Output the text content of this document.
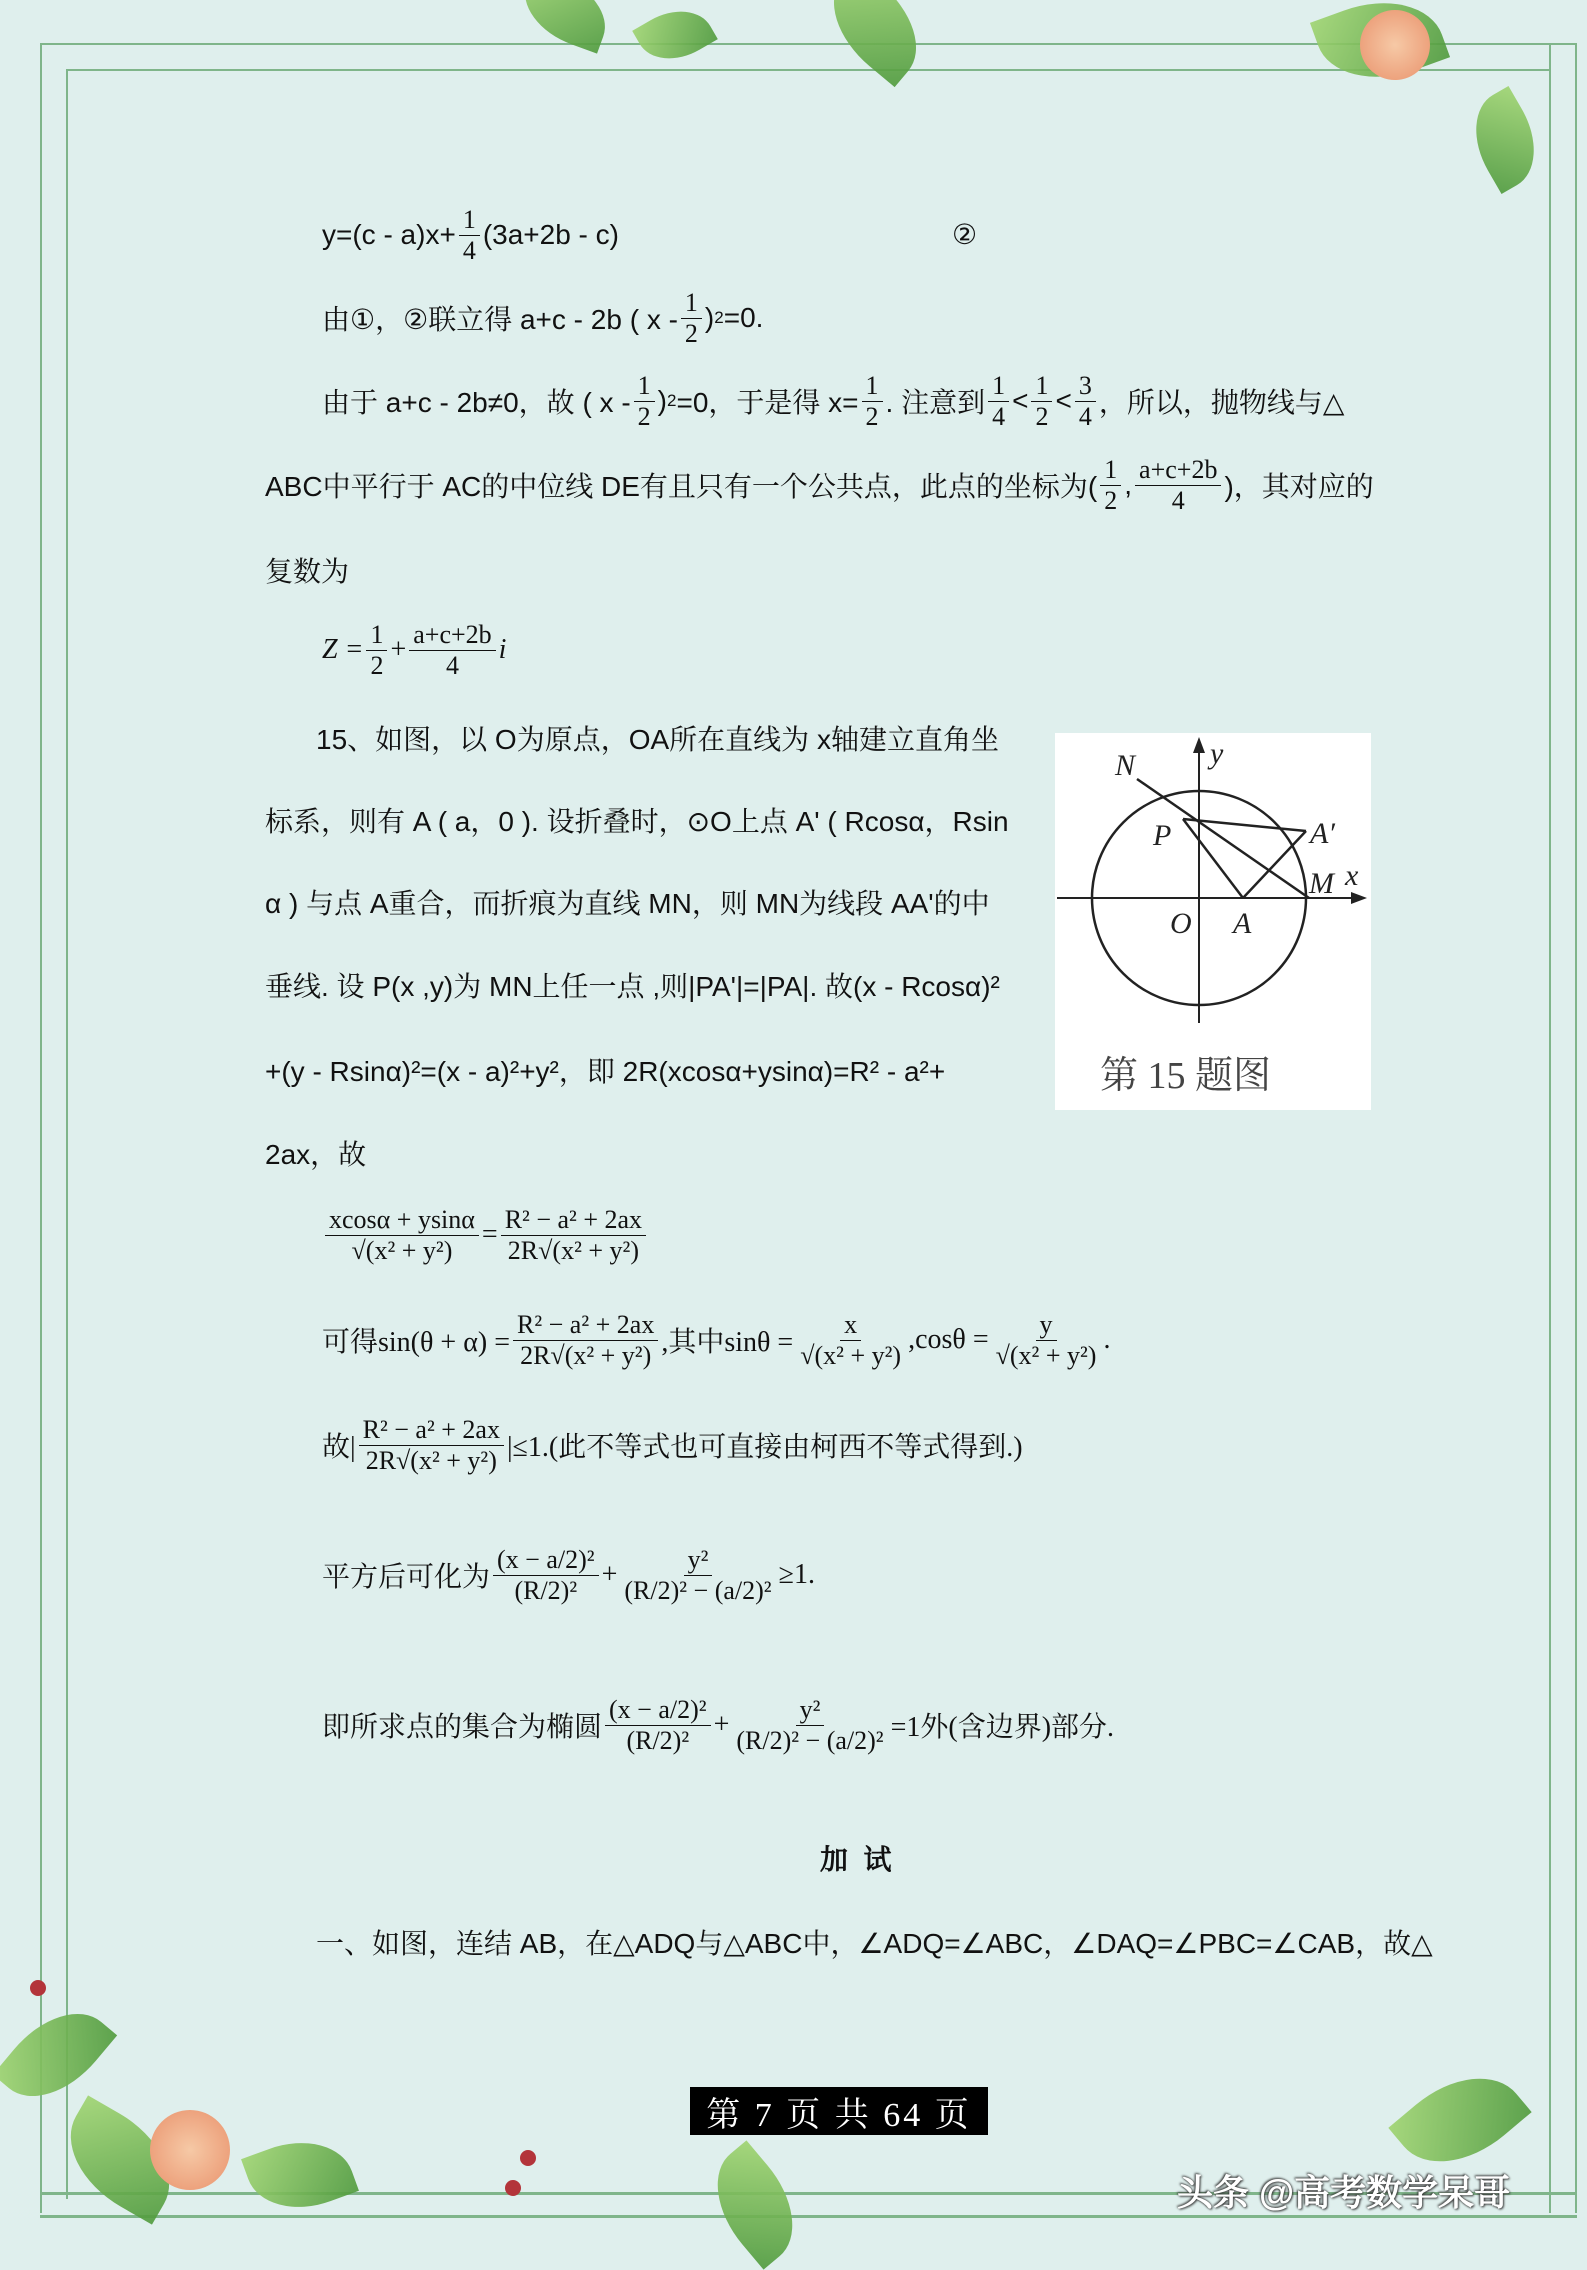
$y=(c - a)x+ \frac{1}{4} (3a+2b - c)$	②
由①，②联立得 a+c - 2b ( x - $\frac{1}{2}$ ) 2 =0.
由于 a+c - 2b≠0，故 ( x - $\frac{1}{2}$ ) 2 =0，于是得 $x= \frac{1}{2}$ . 注意到 $\frac{1}{4} < \frac{1}{2} < \frac{3}{4}$ ，所以，抛物线与△
ABC中平行于 AC的中位线 DE有且只有一个公共点，此点的坐标为( $\frac{1}{2}$ , $\frac{a+c+2b}{4}$ )，其对应的
复数为
$Z = \frac{1}{2} + \frac{a+c+2b}{4}$ i
15、如图，以 O为原点，OA所在直线为 x轴建立直角坐
标系，则有 A ( a，0 ). 设折叠时，⊙O上点 A' ( Rcosα，Rsin
α ) 与点 A重合，而折痕为直线 MN，则 MN为线段 AA'的中
垂线. 设 P(x ,y)为 MN上任一点 ,则|PA'|=|PA|. 故(x - Rcosα)²
+(y - Rsinα)²=(x - a)²+y²，即 2R(xcosα+ysinα)=R² - a²+
2ax，故
N y
P	A′
M x
O A
第 15 题图
$\frac{xcos\alpha + ysin\alpha}{\text{√(x² + y²)}} = \frac{\text{R² − a² + 2ax}}{\text{2R√(x² + y²)}}$
可得$\sin(\theta + \alpha) = \frac{\text{R² − a² + 2ax}}{\text{2R√(x² + y²)}}$ ,其中$\sin\theta = \frac{x}{\text{√(x² + y²)}} ,\cos\theta = \frac{y}{\text{√(x² + y²)}}$ .
故| $\frac{\text{R² − a² + 2ax}}{\text{2R√(x² + y²)}} |\le 1$.(此不等式也可直接由柯西不等式得到.)
平方后可化为 $\frac{\text{(x − a/2)²}}{\text{(R/2)²}} + \frac{\text{y²}}{\text{(R/2)² − (a/2)²}} \ge 1$.
即所求点的集合为椭圆 $\frac{\text{(x − a/2)²}}{\text{(R/2)²}} + \frac{\text{y²}}{\text{(R/2)² − (a/2)²}} =1$外(含边界)部分.
加  试
一、如图，连结 AB，在△ADQ与△ABC中，∠ADQ=∠ABC，∠DAQ=∠PBC=∠CAB，故△
第 7 页 共 64 页
头条 @高考数学呆哥
